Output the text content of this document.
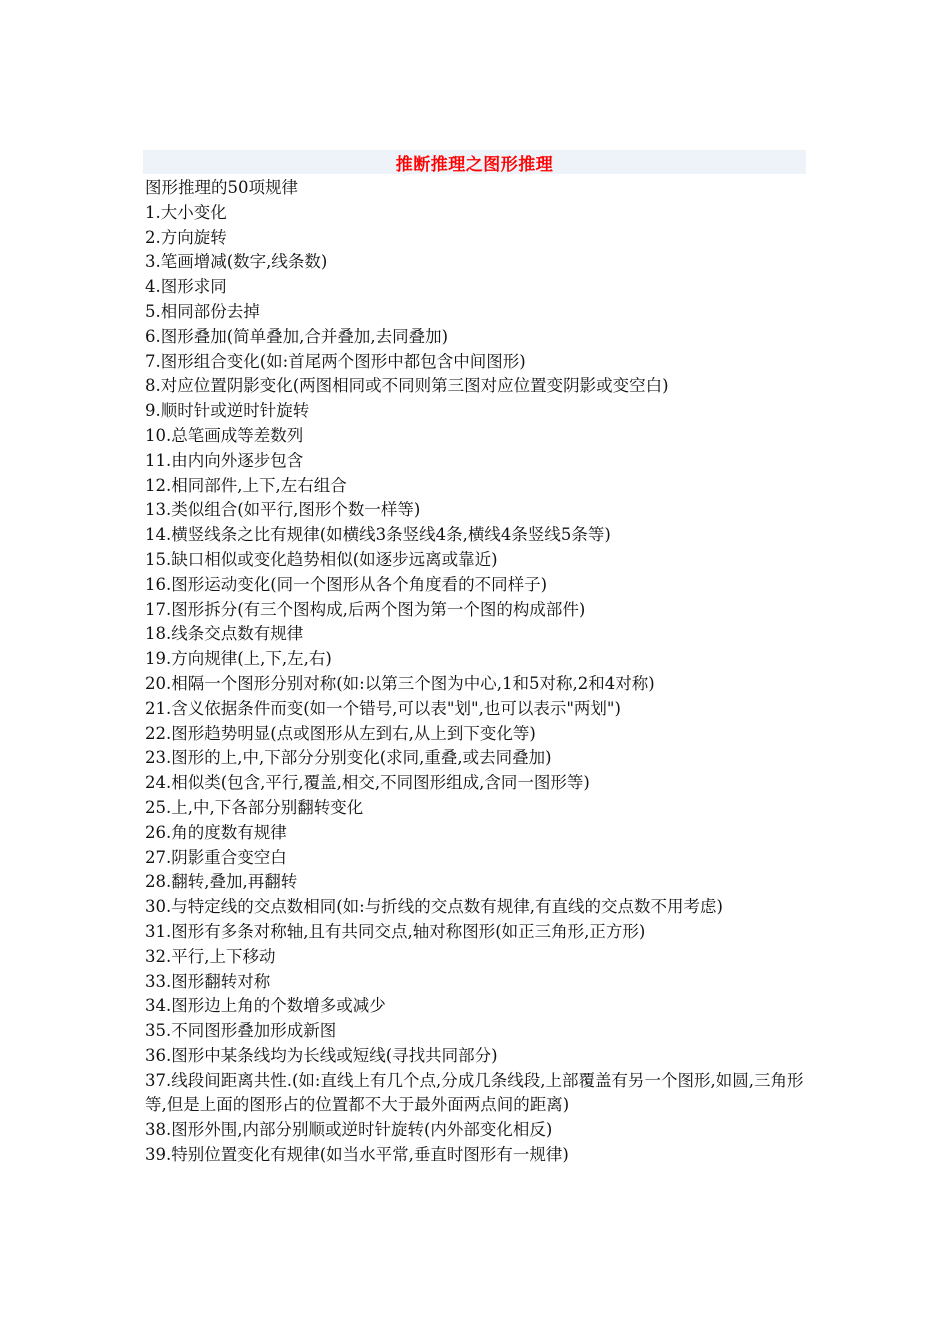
推断推理之图形推理
图形推理的50项规律
1.大小变化
2.方向旋转
3.笔画增减(数字,线条数)
4.图形求同
5.相同部份去掉
6.图形叠加(简单叠加,合并叠加,去同叠加)
7.图形组合变化(如:首尾两个图形中都包含中间图形)
8.对应位置阴影变化(两图相同或不同则第三图对应位置变阴影或变空白)
9.顺时针或逆时针旋转
10.总笔画成等差数列
11.由内向外逐步包含
12.相同部件,上下,左右组合
13.类似组合(如平行,图形个数一样等)
14.横竖线条之比有规律(如横线3条竖线4条,横线4条竖线5条等)
15.缺口相似或变化趋势相似(如逐步远离或靠近)
16.图形运动变化(同一个图形从各个角度看的不同样子)
17.图形拆分(有三个图构成,后两个图为第一个图的构成部件)
18.线条交点数有规律
19.方向规律(上,下,左,右)
20.相隔一个图形分别对称(如:以第三个图为中心,1和5对称,2和4对称)
21.含义依据条件而变(如一个错号,可以表"划",也可以表示"两划")
22.图形趋势明显(点或图形从左到右,从上到下变化等)
23.图形的上,中,下部分分别变化(求同,重叠,或去同叠加)
24.相似类(包含,平行,覆盖,相交,不同图形组成,含同一图形等)
25.上,中,下各部分别翻转变化
26.角的度数有规律
27.阴影重合变空白
28.翻转,叠加,再翻转
30.与特定线的交点数相同(如:与折线的交点数有规律,有直线的交点数不用考虑)
31.图形有多条对称轴,且有共同交点,轴对称图形(如正三角形,正方形)
32.平行,上下移动
33.图形翻转对称
34.图形边上角的个数增多或减少
35.不同图形叠加形成新图
36.图形中某条线均为长线或短线(寻找共同部分)
37.线段间距离共性.(如:直线上有几个点,分成几条线段,上部覆盖有另一个图形,如圆,三角形等,但是上面的图形占的位置都不大于最外面两点间的距离)
38.图形外围,内部分别顺或逆时针旋转(内外部变化相反)
39.特别位置变化有规律(如当水平常,垂直时图形有一规律)
